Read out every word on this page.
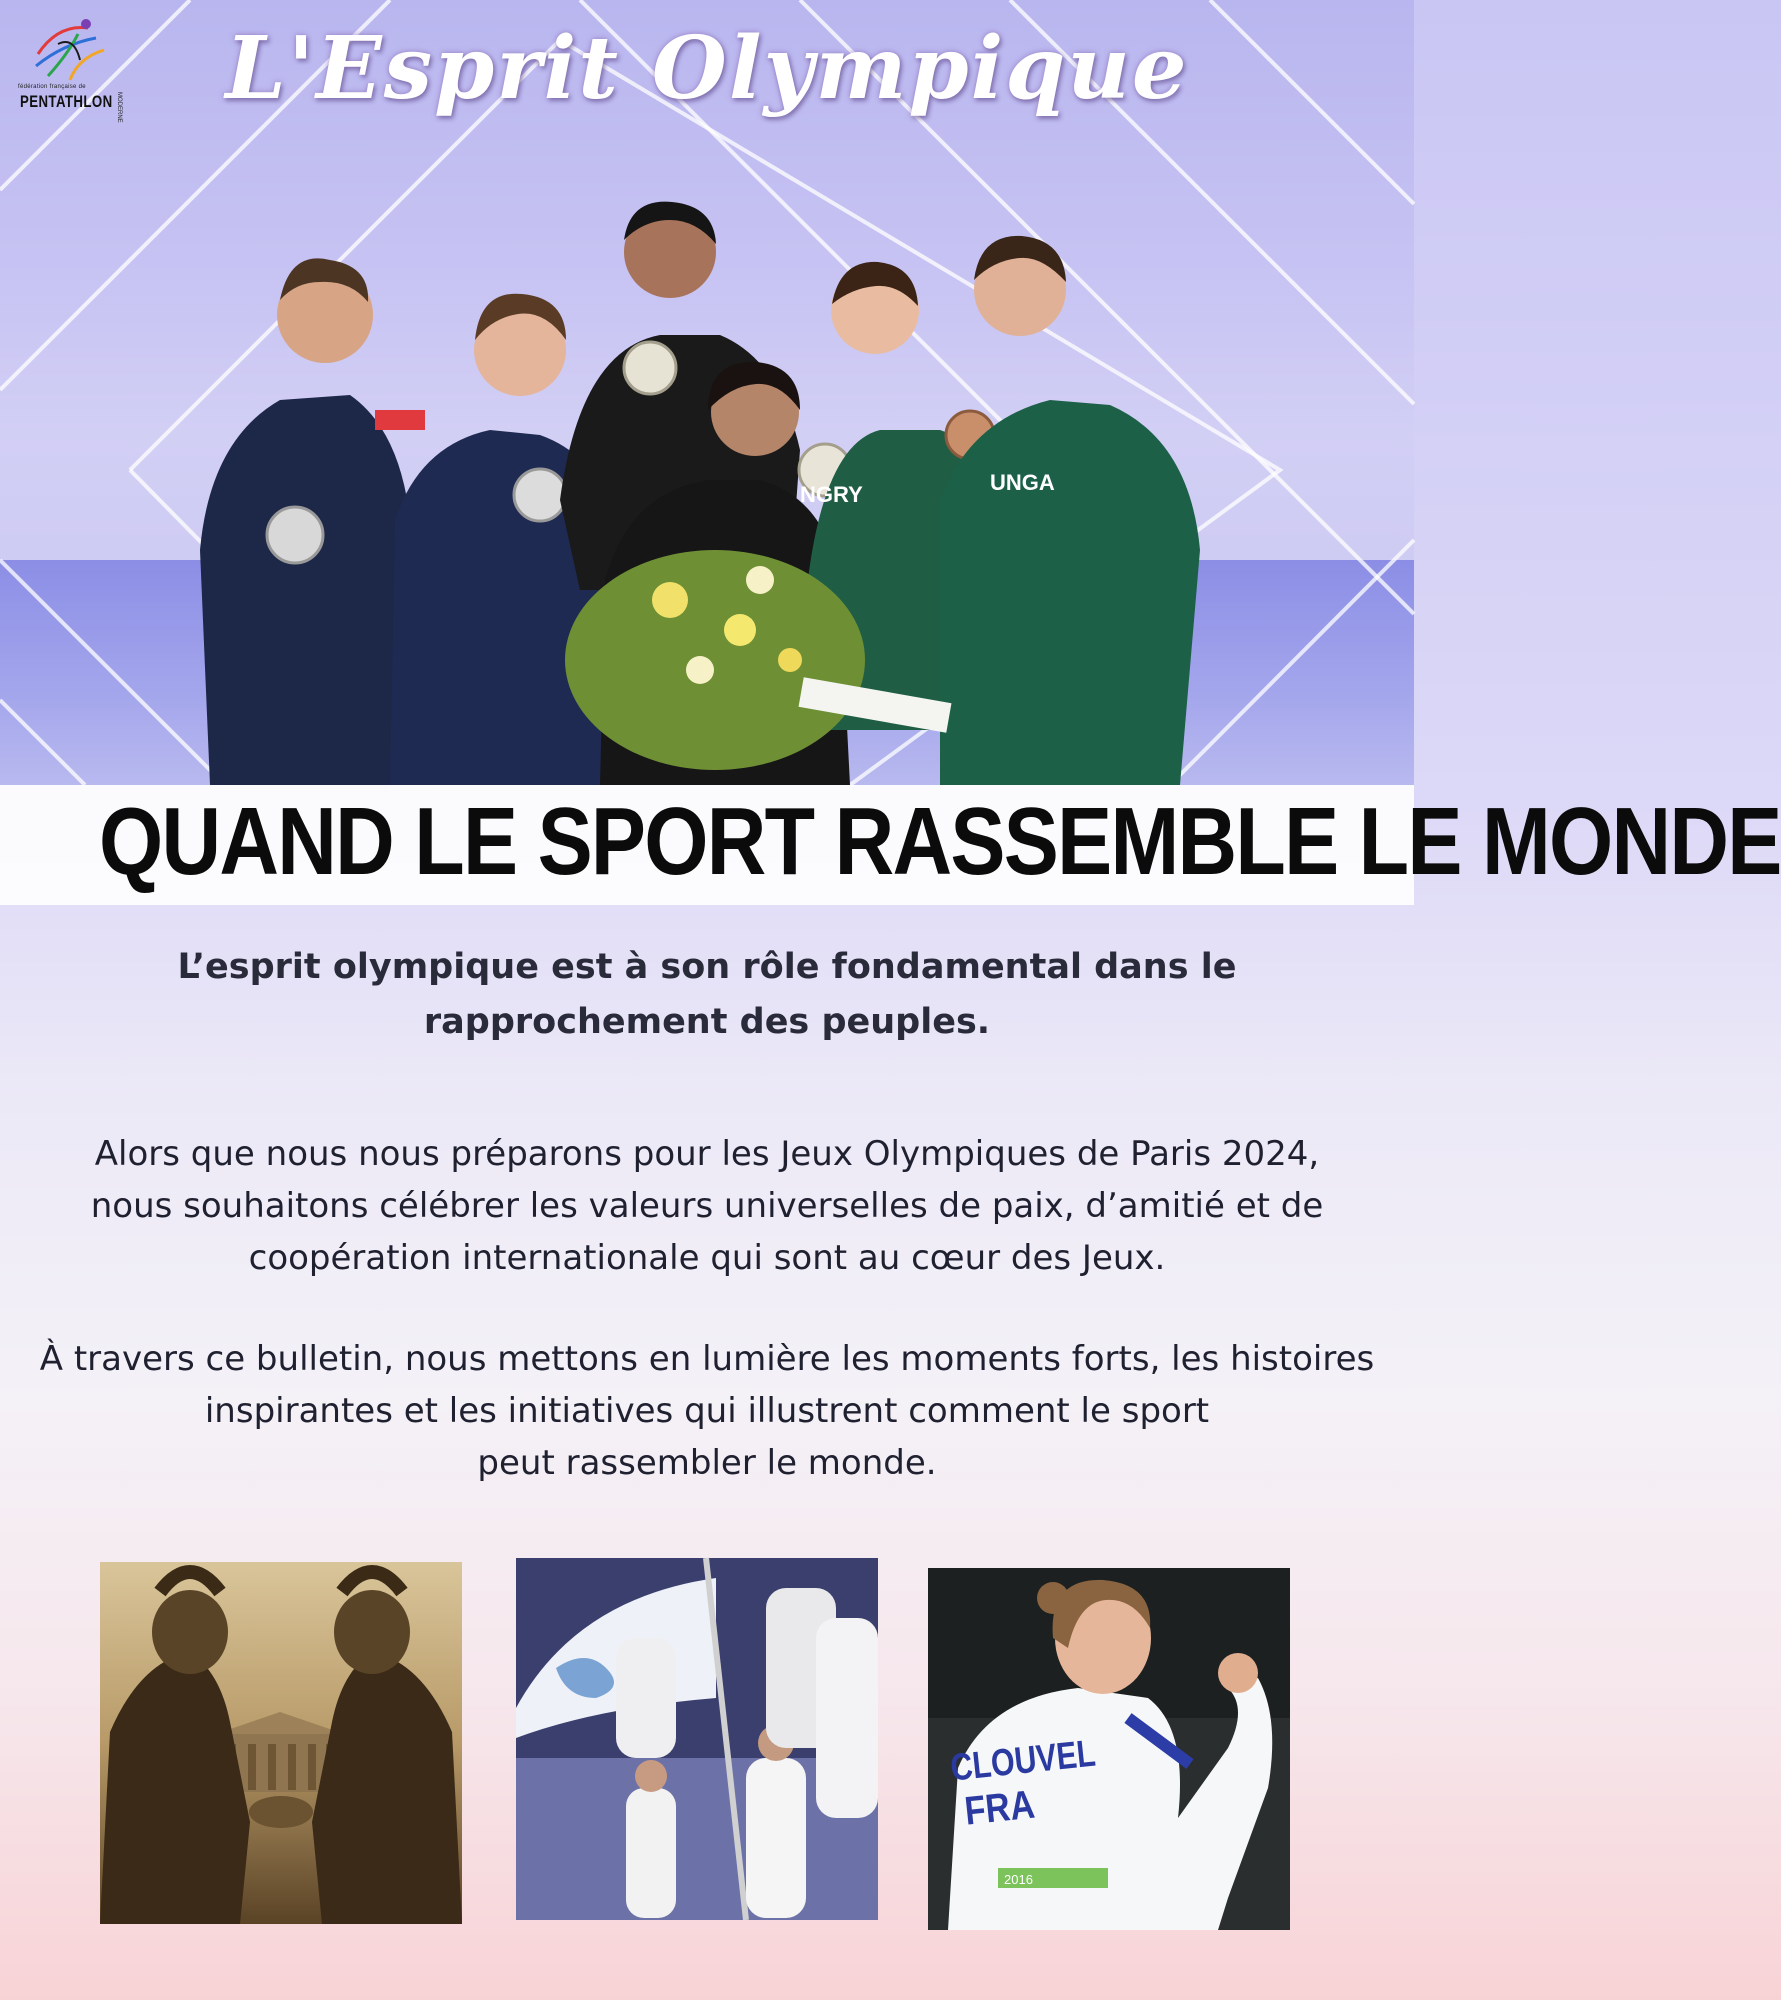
fédération française de
PENTATHLON MODERNE	L'Esprit Olympique
NGRY	UNGA
QUAND LE SPORT RASSEMBLE LE MONDE
L’esprit olympique est à son rôle fondamental dans le rapprochement des peuples.
Alors que nous nous préparons pour les Jeux Olympiques de Paris 2024,
nous souhaitons célébrer les valeurs universelles de paix, d’amitié et de
coopération internationale qui sont au cœur des Jeux.
À travers ce bulletin, nous mettons en lumière les moments forts, les histoires
inspirantes et les initiatives qui illustrent comment le sport
peut rassembler le monde.
CLOUVEL
FRA
2016
